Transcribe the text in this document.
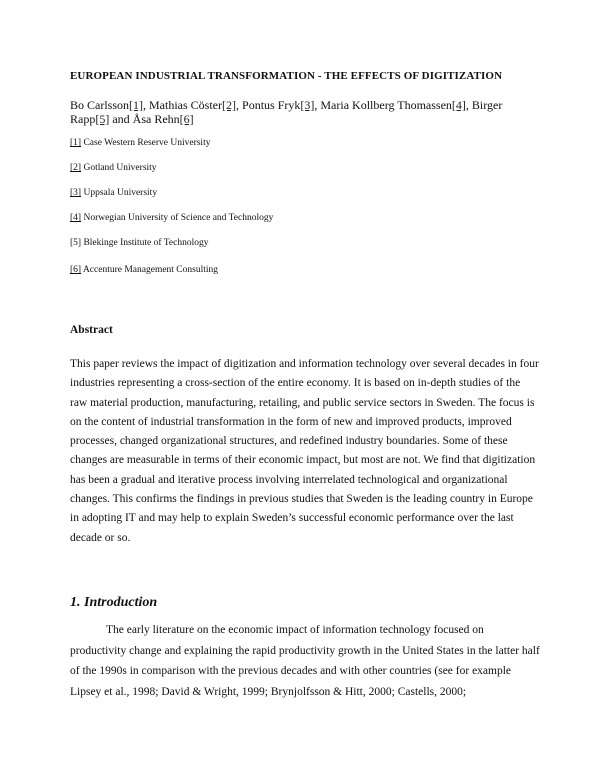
EUROPEAN INDUSTRIAL TRANSFORMATION - THE EFFECTS OF DIGITIZATION
Bo Carlsson[1], Mathias Cöster[2], Pontus Fryk[3], Maria Kollberg Thomassen[4], Birger Rapp[5] and Åsa Rehn[6]
[1] Case Western Reserve University
[2] Gotland University
[3] Uppsala University
[4] Norwegian University of Science and Technology
[5] Blekinge Institute of Technology
[6] Accenture Management Consulting
Abstract

This paper reviews the impact of digitization and information technology over several decades in four industries representing a cross-section of the entire economy. It is based on in-depth studies of the raw material production, manufacturing, retailing, and public service sectors in Sweden. The focus is on the content of industrial transformation in the form of new and improved products, improved processes, changed organizational structures, and redefined industry boundaries. Some of these changes are measurable in terms of their economic impact, but most are not. We find that digitization has been a gradual and iterative process involving interrelated technological and organizational changes. This confirms the findings in previous studies that Sweden is the leading country in Europe in adopting IT and may help to explain Sweden’s successful economic performance over the last decade or so.

1. Introduction

The early literature on the economic impact of information technology focused on productivity change and explaining the rapid productivity growth in the United States in the latter half of the 1990s in comparison with the previous decades and with other countries (see for example Lipsey et al., 1998; David & Wright, 1999; Brynjolfsson & Hitt, 2000; Castells, 2000;
